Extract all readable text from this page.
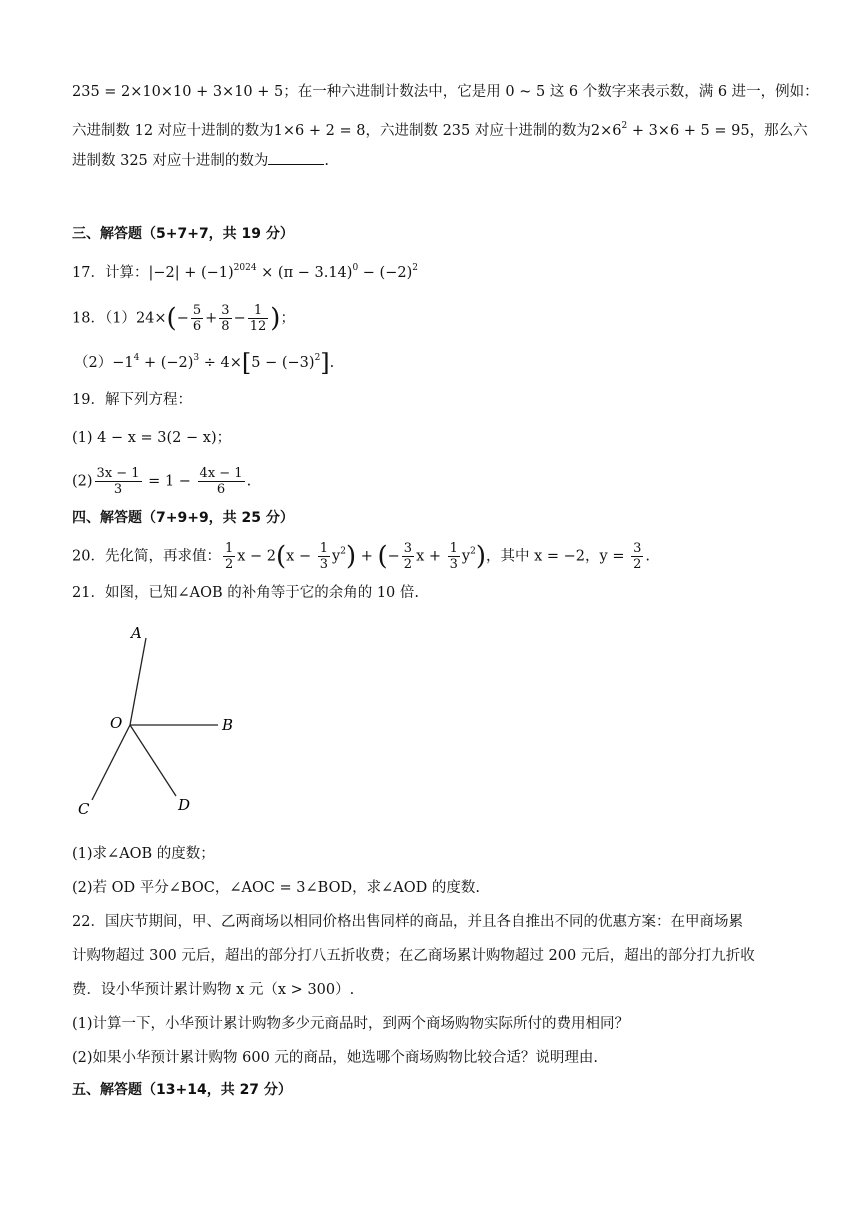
235 = 2×10×10 + 3×10 + 5；在一种六进制计数法中，它是用 0 ~ 5 这 6 个数字来表示数，满 6 进一，例如：
六进制数 12 对应十进制的数为1×6 + 2 = 8，六进制数 235 对应十进制的数为$2\times 6^2 + 3\times 6 + 5 = 95$，那么六
进制数 325 对应十进制的数为	.
三、解答题（5+7+7，共 19 分）
17．计算：$|-2| + (-1)^{2024} \times (\pi - 3.14)^0 - (-2)^2$
18．$(1)24\times(- \frac{5}{6} + \frac{3}{8} - \frac{1}{12}$ )；
$(2)-1^4 + (-2)^3 \div 4\times[5 - (-3)^2]$.
19．解下列方程：
(1) 4 − x = 3(2 − x)；
$(2) \frac{3x - 1}{3} = 1 - \frac{4x - 1}{6}$ .
四、解答题（7+9+9，共 25 分）
20．先化简，再求值： $\frac{1}{2}$ $x - 2(x - \frac{1}{3} y^2)$ + (− $\frac{3}{2}$ $x + \frac{1}{3} y^2$)，其中 x = −2，$y = \frac{3}{2}$ .
21．如图，已知∠AOB 的补角等于它的余角的 10 倍.
A
O	B
C	D
(1)求∠AOB 的度数；
(2)若 OD 平分∠BOC，∠AOC = 3∠BOD，求∠AOD 的度数.
22．国庆节期间，甲、乙两商场以相同价格出售同样的商品，并且各自推出不同的优惠方案：在甲商场累
计购物超过 300 元后，超出的部分打八五折收费；在乙商场累计购物超过 200 元后，超出的部分打九折收
费．设小华预计累计购物 x 元（x > 300）.
(1)计算一下，小华预计累计购物多少元商品时，到两个商场购物实际所付的费用相同？
(2)如果小华预计累计购物 600 元的商品，她选哪个商场购物比较合适？说明理由.
五、解答题（13+14，共 27 分）
